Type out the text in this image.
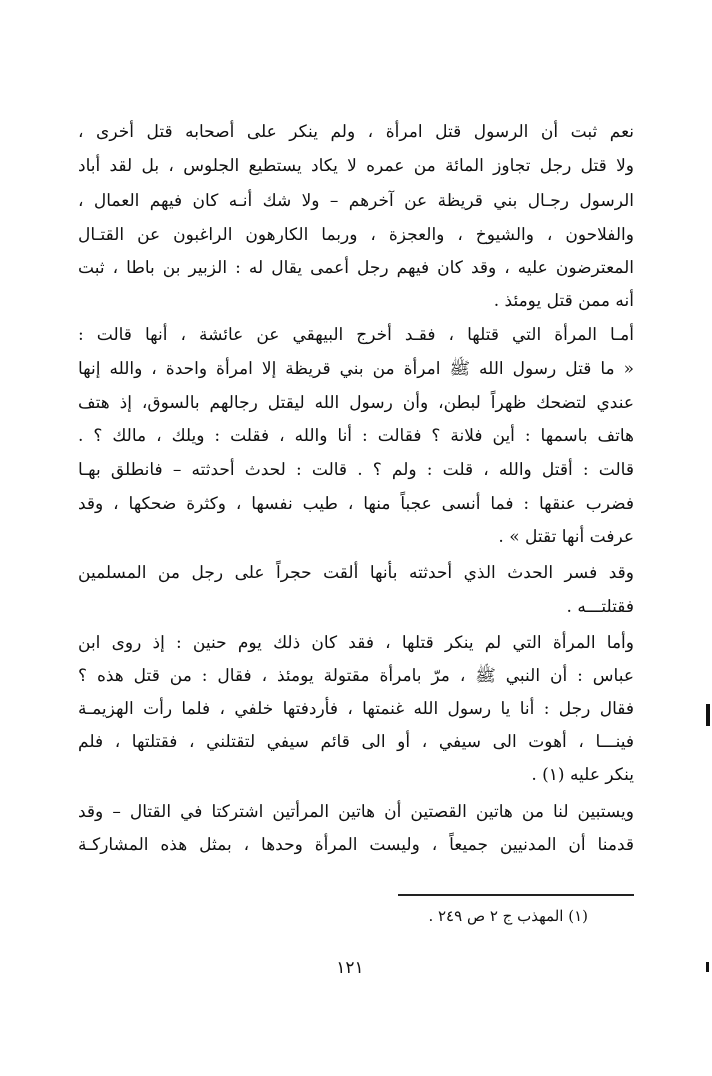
نعم ثبت أن الرسول قتل امرأة ، ولم ينكر على أصحابه قتل أخرى ،
ولا قتل رجل تجاوز المائة من عمره لا يكاد يستطيع الجلوس ، بل لقد أباد
الرسول رجـال بني قريظة عن آخرهم – ولا شك أنـه كان فيهم العمال ،
والفلاحون ، والشيوخ ، والعجزة ، وربما الكارهون الراغبون عن القتـال
المعترضون عليه ، وقد كان فيهم رجل أعمى يقال له : الزبير بن باطا ، ثبت
أنه ممن قتل يومئذ .
أمـا المرأة التي قتلها ، فقـد أخرج البيهقي عن عائشة ، أنها قالت :
« ما قتل رسول الله ﷺ امرأة من بني قريظة إلا امرأة واحدة ، والله إنها
عندي لتضحك ظهراً لبطن، وأن رسول الله ليقتل رجالهم بالسوق، إذ هتف
هاتف باسمها : أين فلانة ؟ فقالت : أنا والله ، فقلت : ويلك ، مالك ؟ .
قالت : أقتل والله ، قلت : ولم ؟ . قالت : لحدث أحدثته – فانطلق بهـا
فضرب عنقها : فما أنسى عجباً منها ، طيب نفسها ، وكثرة ضحكها ، وقد
عرفت أنها تقتل » .
وقد فسر الحدث الذي أحدثته بأنها ألقت حجراً على رجل من المسلمين
فقتلتـــه .
وأما المرأة التي لم ينكر قتلها ، فقد كان ذلك يوم حنين : إذ روى ابن
عباس : أن النبي ﷺ ، مرّ بامرأة مقتولة يومئذ ، فقال : من قتل هذه ؟
فقال رجل : أنا يا رسول الله غنمتها ، فأردفتها خلفي ، فلما رأت الهزيمـة
فينـــا ، أهوت الى سيفي ، أو الى قائم سيفي لتقتلني ، فقتلتها ، فلم
ينكر عليه (١) .
ويستبين لنا من هاتين القصتين أن هاتين المرأتين اشتركتا في القتال – وقد
قدمنا أن المدنيين جميعاً ، وليست المرأة وحدها ، بمثل هذه المشاركـة
(١) المهذب ج ٢ ص ٢٤٩ .
١٢١
